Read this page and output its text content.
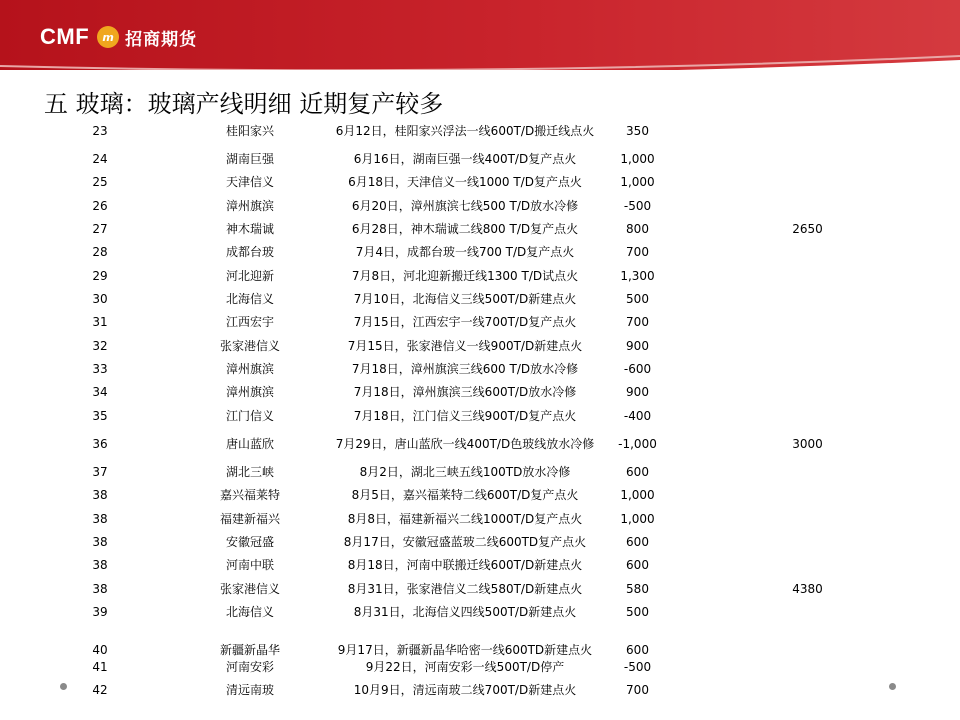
CMF	m 招商期货
五 玻璃：玻璃产线明细 近期复产较多
23	桂阳家兴	6月12日，桂阳家兴浮法一线600T/D搬迁线点火	350
24	湖南巨强	6月16日，湖南巨强一线400T/D复产点火	1,000
25	天津信义	6月18日，天津信义一线1000 T/D复产点火	1,000
26	漳州旗滨	6月20日，漳州旗滨七线500 T/D放水冷修	-500
27	神木瑞诚	6月28日，神木瑞诚二线800 T/D复产点火	800	2650
28	成都台玻	7月4日，成都台玻一线700 T/D复产点火	700
29	河北迎新	7月8日，河北迎新搬迁线1300 T/D试点火	1,300
30	北海信义	7月10日，北海信义三线500T/D新建点火	500
31	江西宏宇	7月15日，江西宏宇一线700T/D复产点火	700
32	张家港信义	7月15日，张家港信义一线900T/D新建点火	900
33	漳州旗滨	7月18日，漳州旗滨三线600 T/D放水冷修	-600
34	漳州旗滨	7月18日，漳州旗滨三线600T/D放水冷修	900
35	江门信义	7月18日，江门信义三线900T/D复产点火	-400
36	唐山蓝欣	7月29日，唐山蓝欣一线400T/D色玻线放水冷修	-1,000	3000
37	湖北三峡	8月2日，湖北三峡五线100TD放水冷修	600
38	嘉兴福莱特	8月5日，嘉兴福莱特二线600T/D复产点火	1,000
38	福建新福兴	8月8日，福建新福兴二线1000T/D复产点火	1,000
38	安徽冠盛	8月17日，安徽冠盛蓝玻二线600TD复产点火	600
38	河南中联	8月18日，河南中联搬迁线600T/D新建点火	600
38	张家港信义	8月31日，张家港信义二线580T/D新建点火	580	4380
39	北海信义	8月31日，北海信义四线500T/D新建点火	500
40	新疆新晶华	9月17日，新疆新晶华哈密一线600TD新建点火	600
41	河南安彩	9月22日，河南安彩一线500T/D停产	-500
42	清远南玻	10月9日，清远南玻二线700T/D新建点火	700
